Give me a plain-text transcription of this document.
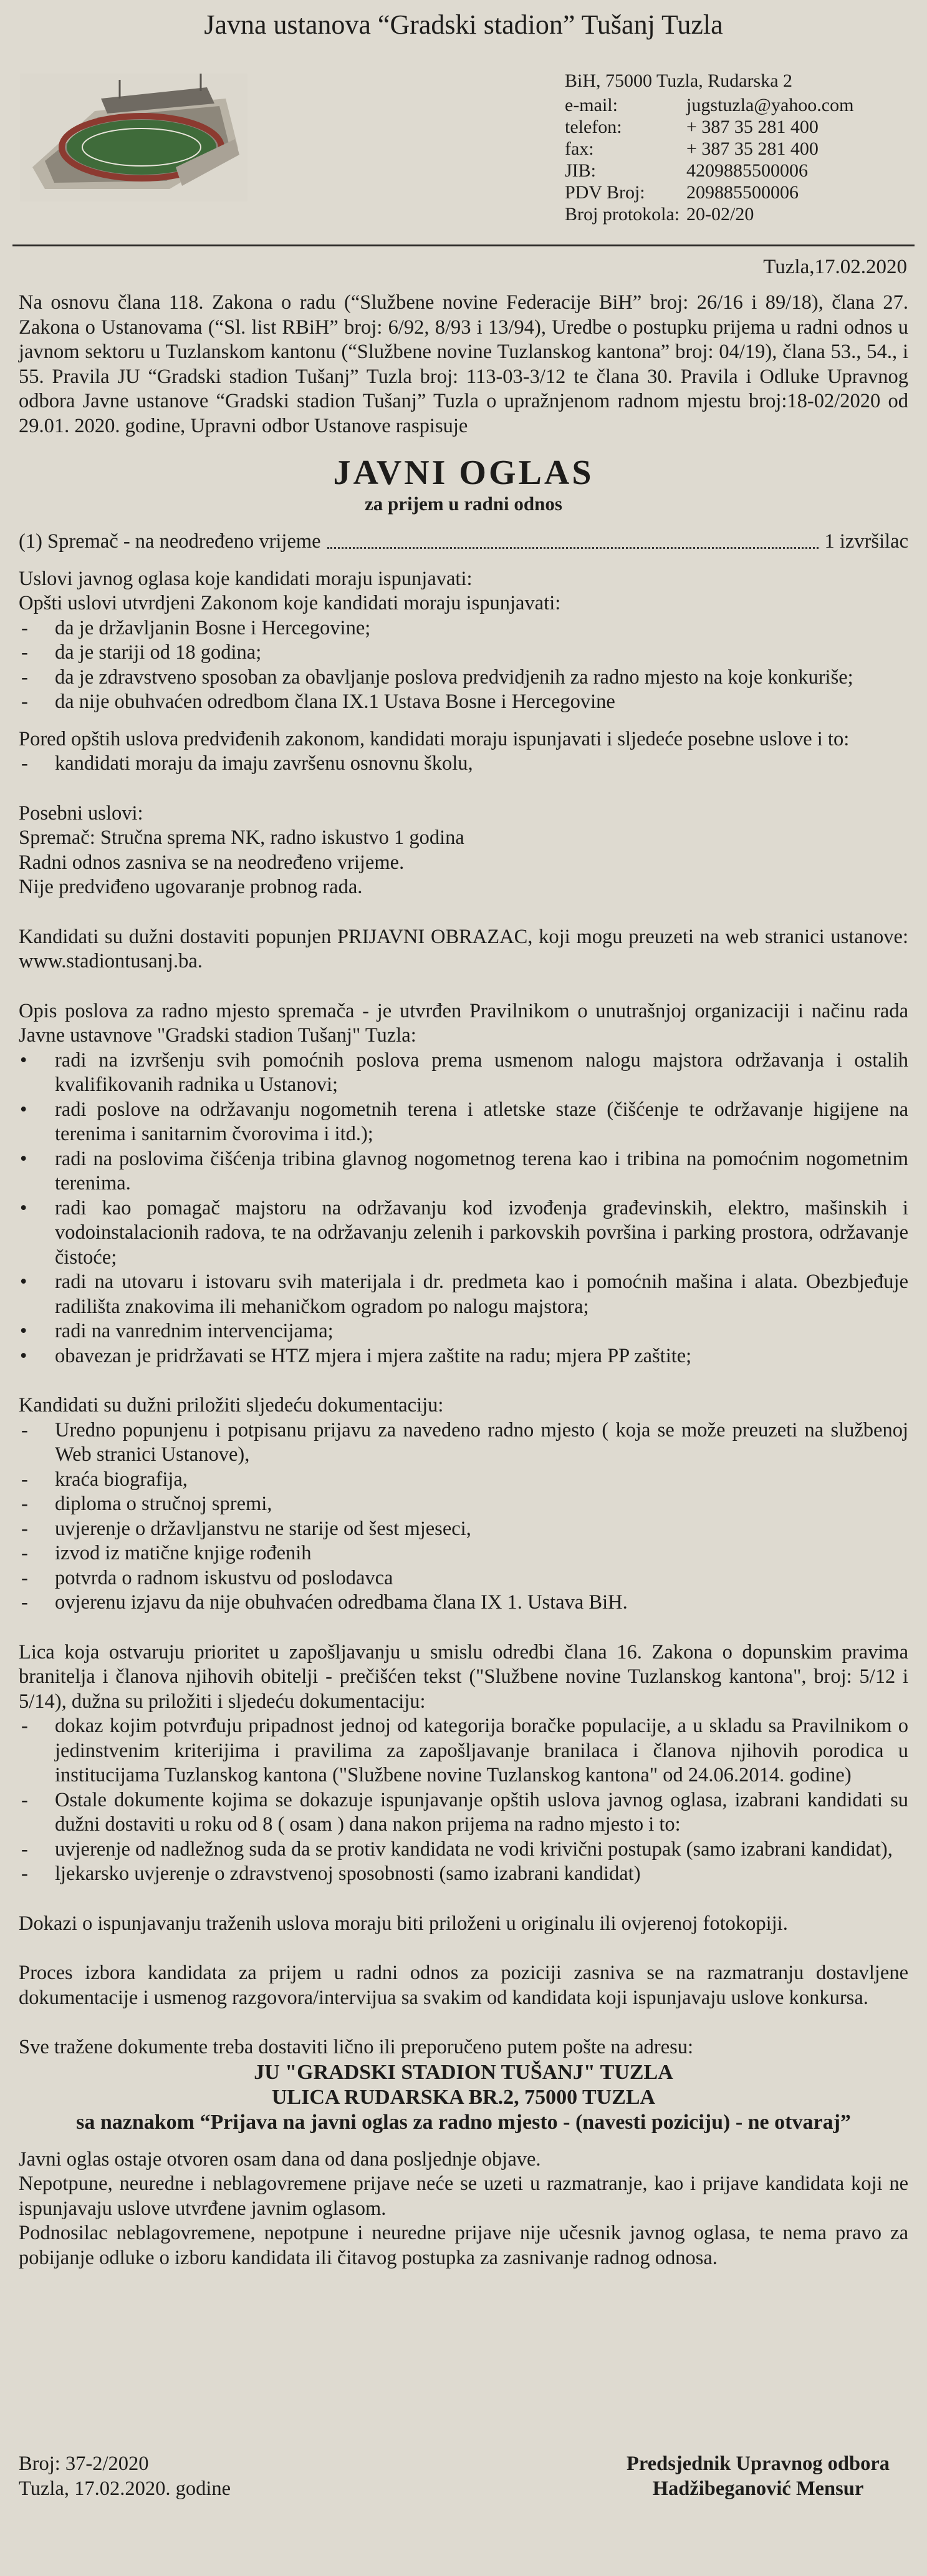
Javna ustanova “Gradski stadion” Tušanj Tuzla
BiH, 75000 Tuzla, Rudarska 2
e-mail:	jugstuzla@yahoo.com
telefon:	+ 387 35 281 400
fax:	+ 387 35 281 400
JIB:	4209885500006
PDV Broj:	209885500006
Broj protokola: 20-02/20
Tuzla,17.02.2020

Na osnovu člana 118. Zakona o radu (“Službene novine Federacije BiH” broj: 26/16 i 89/18), člana 27. Zakona o Ustanovama (“Sl. list RBiH” broj: 6/92, 8/93 i 13/94), Uredbe o postupku prijema u radni odnos u javnom sektoru u Tuzlanskom kantonu (“Službene novine Tuzlanskog kantona” broj: 04/19), člana 53., 54., i 55. Pravila JU “Gradski stadion Tušanj” Tuzla broj: 113-03-3/12 te člana 30. Pravila i Odluke Upravnog odbora Javne ustanove “Gradski stadion Tušanj” Tuzla o upražnjenom radnom mjestu broj:18-02/2020 od 29.01. 2020. godine, Upravni odbor Ustanove raspisuje

JAVNI OGLAS
za prijem u radni odnos
(1) Spremač - na neodređeno vrijeme	1 izvršilac

Uslovi javnog oglasa koje kandidati moraju ispunjavati:

Opšti uslovi utvrdjeni Zakonom koje kandidati moraju ispunjavati:

- da je državljanin Bosne i Hercegovine;
- da je stariji od 18 godina;
- da je zdravstveno sposoban za obavljanje poslova predvidjenih za radno mjesto na koje konkuriše;
- da nije obuhvaćen odredbom člana IX.1 Ustava Bosne i Hercegovine

Pored opštih uslova predviđenih zakonom, kandidati moraju ispunjavati i sljedeće posebne uslove i to:

- kandidati moraju da imaju završenu osnovnu školu,

Posebni uslovi:

Spremač: Stručna sprema NK, radno iskustvo 1 godina

Radni odnos zasniva se na neodređeno vrijeme.

Nije predviđeno ugovaranje probnog rada.

Kandidati su dužni dostaviti popunjen PRIJAVNI OBRAZAC, koji mogu preuzeti na web stranici ustanove: www.stadiontusanj.ba.

Opis poslova za radno mjesto spremača - je utvrđen Pravilnikom o unutrašnjoj organizaciji i načinu rada Javne ustavnove "Gradski stadion Tušanj" Tuzla:

• radi na izvršenju svih pomoćnih poslova prema usmenom nalogu majstora održavanja i ostalih kvalifikovanih radnika u Ustanovi;
• radi poslove na održavanju nogometnih terena i atletske staze (čišćenje te održavanje higijene na terenima i sanitarnim čvorovima i itd.);
• radi na poslovima čišćenja tribina glavnog nogometnog terena kao i tribina na pomoćnim nogometnim terenima.
• radi kao pomagač majstoru na održavanju kod izvođenja građevinskih, elektro, mašinskih i vodoinstalacionih radova, te na održavanju zelenih i parkovskih površina i parking prostora, održavanje čistoće;
• radi na utovaru i istovaru svih materijala i dr. predmeta kao i pomoćnih mašina i alata. Obezbjeđuje radilišta znakovima ili mehaničkom ogradom po nalogu majstora;
• radi na vanrednim intervencijama;
• obavezan je pridržavati se HTZ mjera i mjera zaštite na radu; mjera PP zaštite;

Kandidati su dužni priložiti sljedeću dokumentaciju:

- Uredno popunjenu i potpisanu prijavu za navedeno radno mjesto ( koja se može preuzeti na službenoj Web stranici Ustanove),
- kraća biografija,
- diploma o stručnoj spremi,
- uvjerenje o državljanstvu ne starije od šest mjeseci,
- izvod iz matične knjige rođenih
- potvrda o radnom iskustvu od poslodavca
- ovjerenu izjavu da nije obuhvaćen odredbama člana IX 1. Ustava BiH.

Lica koja ostvaruju prioritet u zapošljavanju u smislu odredbi člana 16. Zakona o dopunskim pravima branitelja i članova njihovih obitelji - prečišćen tekst ("Službene novine Tuzlanskog kantona", broj: 5/12 i 5/14), dužna su priložiti i sljedeću dokumentaciju:

- dokaz kojim potvrđuju pripadnost jednoj od kategorija boračke populacije, a u skladu sa Pravilnikom o jedinstvenim kriterijima i pravilima za zapošljavanje branilaca i članova njihovih porodica u institucijama Tuzlanskog kantona ("Službene novine Tuzlanskog kantona" od 24.06.2014. godine)
- Ostale dokumente kojima se dokazuje ispunjavanje opštih uslova javnog oglasa, izabrani kandidati su dužni dostaviti u roku od 8 ( osam ) dana nakon prijema na radno mjesto i to:
- uvjerenje od nadležnog suda da se protiv kandidata ne vodi krivični postupak (samo izabrani kandidat),
- ljekarsko uvjerenje o zdravstvenoj sposobnosti (samo izabrani kandidat)

Dokazi o ispunjavanju traženih uslova moraju biti priloženi u originalu ili ovjerenoj fotokopiji.

Proces izbora kandidata za prijem u radni odnos za poziciji zasniva se na razmatranju dostavljene dokumentacije i usmenog razgovora/intervijua sa svakim od kandidata koji ispunjavaju uslove konkursa.

Sve tražene dokumente treba dostaviti lično ili preporučeno putem pošte na adresu:

JU "GRADSKI STADION TUŠANJ" TUZLA
ULICA RUDARSKA BR.2, 75000 TUZLA
sa naznakom “Prijava na javni oglas za radno mjesto - (navesti poziciju) - ne otvaraj”

Javni oglas ostaje otvoren osam dana od dana posljednje objave.

Nepotpune, neuredne i neblagovremene prijave neće se uzeti u razmatranje, kao i prijave kandidata koji ne ispunjavaju uslove utvrđene javnim oglasom.

Podnosilac neblagovremene, nepotpune i neuredne prijave nije učesnik javnog oglasa, te nema pravo za pobijanje odluke o izboru kandidata ili čitavog postupka za zasnivanje radnog odnosa.

Broj: 37-2/2020
Tuzla, 17.02.2020. godine
Predsjednik Upravnog odbora
Hadžibeganović Mensur
